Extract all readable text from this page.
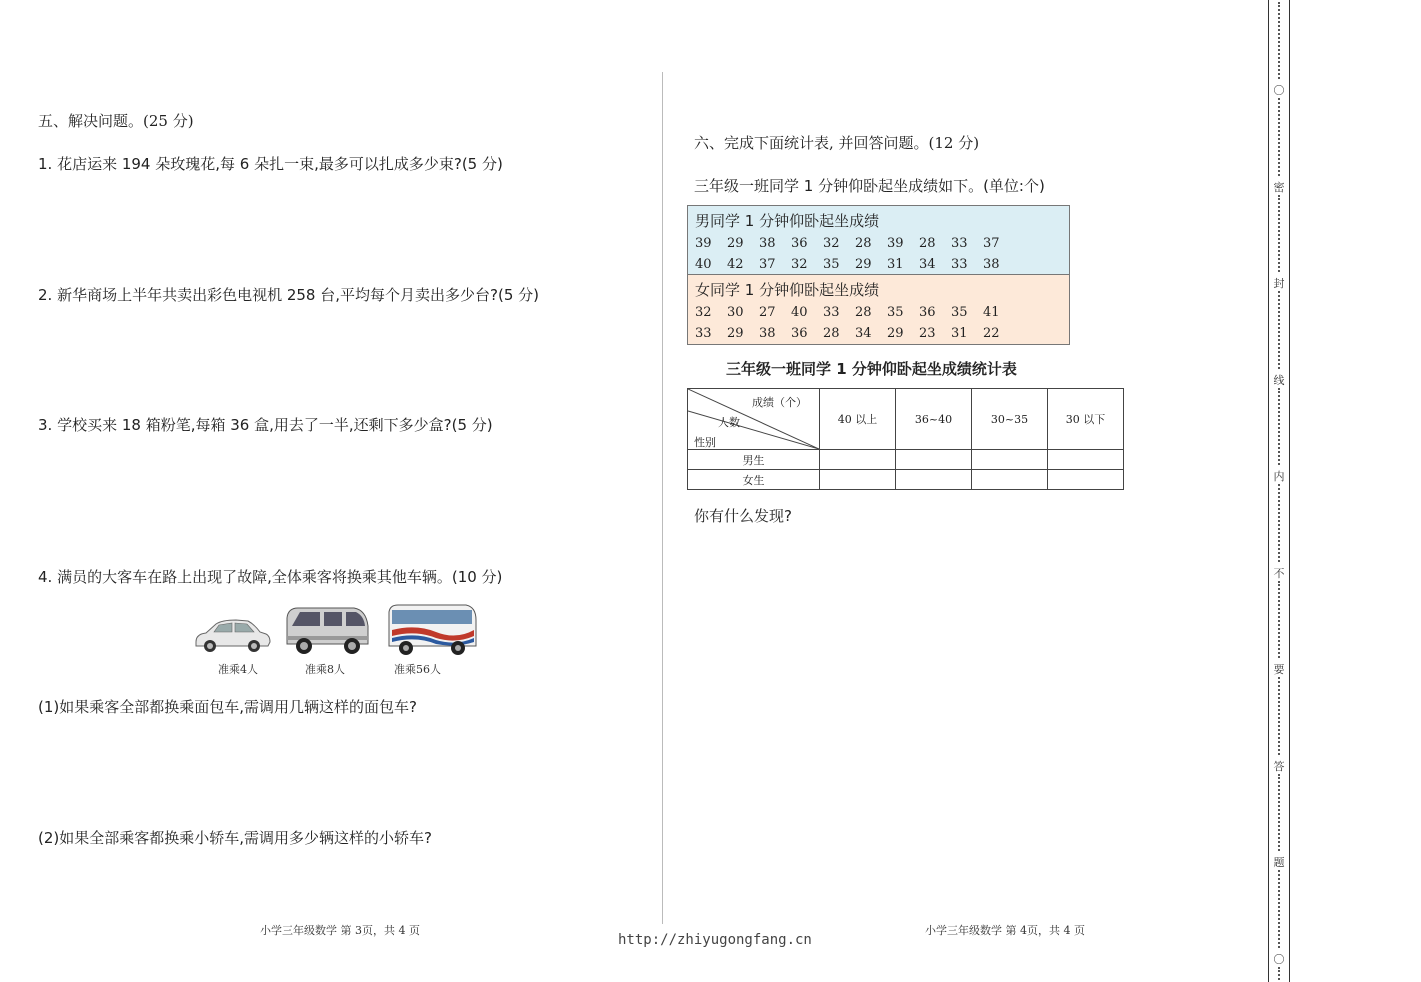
五、解决问题。(25 分)
1. 花店运来 194 朵玫瑰花,每 6 朵扎一束,最多可以扎成多少束?(5 分)
2. 新华商场上半年共卖出彩色电视机 258 台,平均每个月卖出多少台?(5 分)
3. 学校买来 18 箱粉笔,每箱 36 盒,用去了一半,还剩下多少盒?(5 分)
4. 满员的大客车在路上出现了故障,全体乘客将换乘其他车辆。(10 分)
准乘4人	准乘8人	准乘56人
(1)如果乘客全部都换乘面包车,需调用几辆这样的面包车?
(2)如果全部乘客都换乘小轿车,需调用多少辆这样的小轿车?
小学三年级数学 第 3页，共 4 页
http://zhiyugongfang.cn
六、完成下面统计表, 并回答问题。(12 分)
三年级一班同学 1 分钟仰卧起坐成绩如下。(单位:个)
男同学 1 分钟仰卧起坐成绩
39	29	38	36	32	28	39	28	33	37
40	42	37	32	35	29	31	34	33	38
女同学 1 分钟仰卧起坐成绩
32	30	27	40	33	28	35	36	35	41
33	29	38	36	28	34	29	23	31	22
三年级一班同学 1 分钟仰卧起坐成绩统计表
成绩（个）
人数
性别	40 以上	36~40	30~35	30 以下
男生				
女生				
你有什么发现?
小学三年级数学 第 4页，共 4 页
〇
密
封
线
内
不
要
答
题
〇
